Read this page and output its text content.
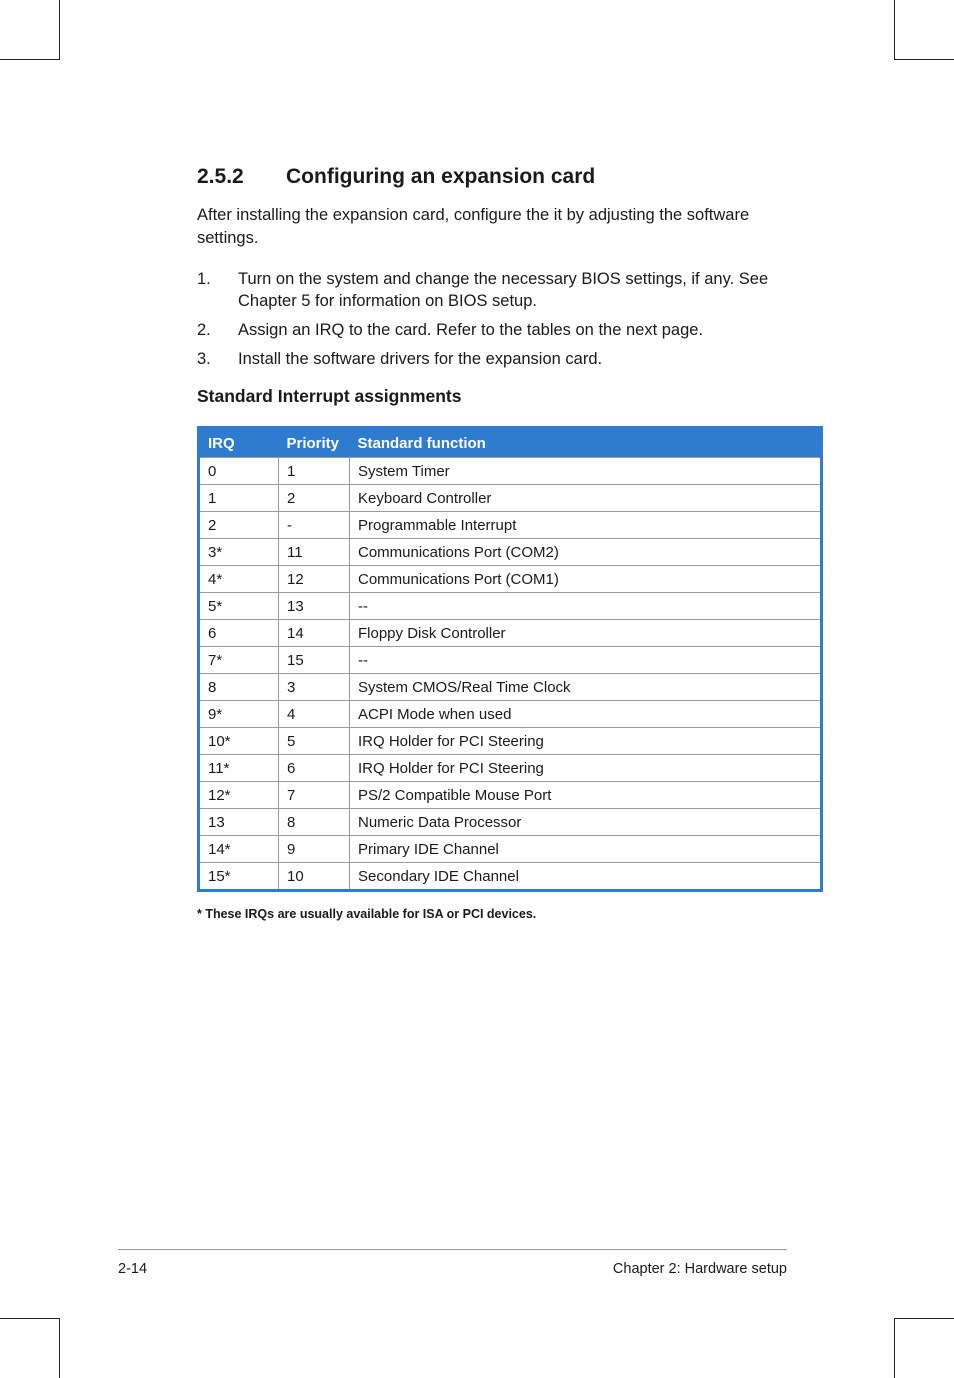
2.5.2 Configuring an expansion card

After installing the expansion card, configure the it by adjusting the software settings.

1. Turn on the system and change the necessary BIOS settings, if any. See Chapter 5 for information on BIOS setup.
2. Assign an IRQ to the card. Refer to the tables on the next page.
3. Install the software drivers for the expansion card.
Standard Interrupt assignments
IRQ	Priority	Standard function
0	1	System Timer
1	2	Keyboard Controller
2	-	Programmable Interrupt
3*	11	Communications Port (COM2)
4*	12	Communications Port (COM1)
5*	13	--
6	14	Floppy Disk Controller
7*	15	--
8	3	System CMOS/Real Time Clock
9*	4	ACPI Mode when used
10*	5	IRQ Holder for PCI Steering
11*	6	IRQ Holder for PCI Steering
12*	7	PS/2 Compatible Mouse Port
13	8	Numeric Data Processor
14*	9	Primary IDE Channel
15*	10	Secondary IDE Channel

* These IRQs are usually available for ISA or PCI devices.

2-14	Chapter 2: Hardware setup
